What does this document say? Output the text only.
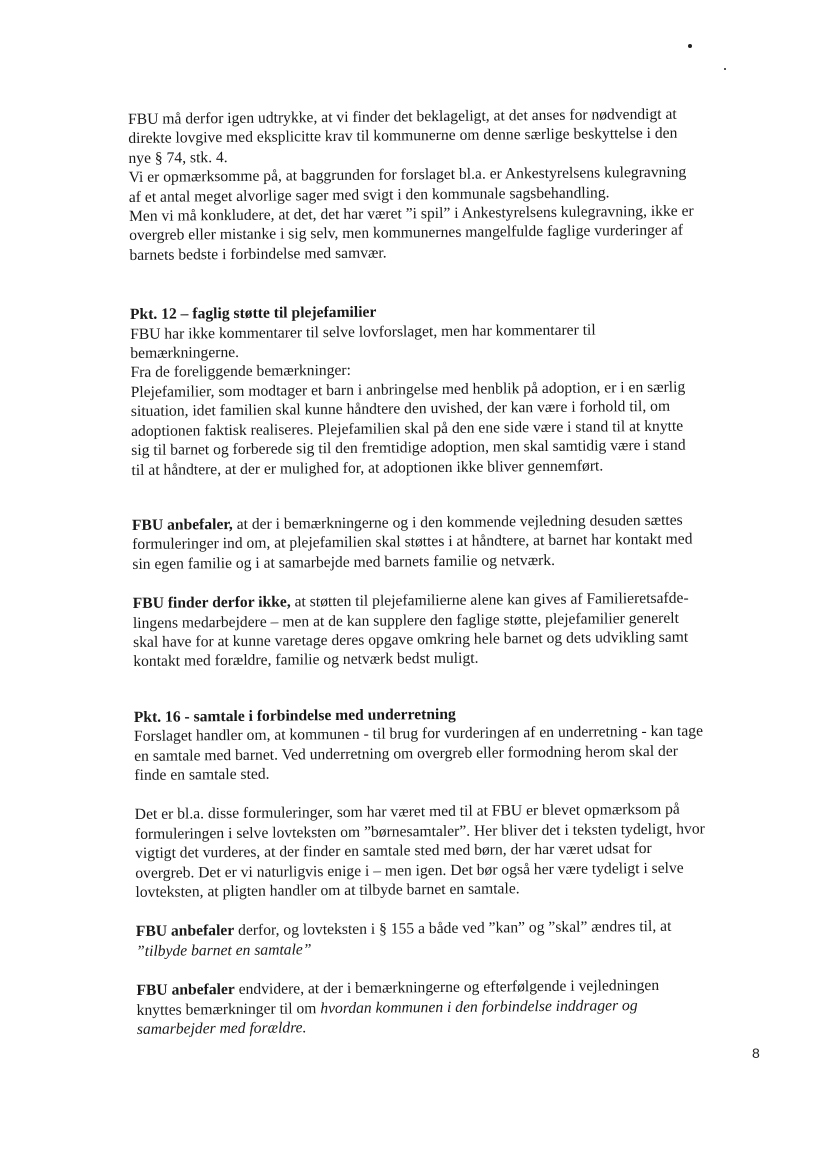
FBU må derfor igen udtrykke, at vi finder det beklageligt, at det anses for nødvendigt at
direkte lovgive med eksplicitte krav til kommunerne om denne særlige beskyttelse i den
nye § 74, stk. 4.
Vi er opmærksomme på, at baggrunden for forslaget bl.a. er Ankestyrelsens kulegravning
af et antal meget alvorlige sager med svigt i den kommunale sagsbehandling.
Men vi må konkludere, at det, det har været ”i spil” i Ankestyrelsens kulegravning, ikke er
overgreb eller mistanke i sig selv, men kommunernes mangelfulde faglige vurderinger af
barnets bedste i forbindelse med samvær.

Pkt. 12 – faglig støtte til plejefamilier
FBU har ikke kommentarer til selve lovforslaget, men har kommentarer til
bemærkningerne.
Fra de foreliggende bemærkninger:
Plejefamilier, som modtager et barn i anbringelse med henblik på adoption, er i en særlig
situation, idet familien skal kunne håndtere den uvished, der kan være i forhold til, om
adoptionen faktisk realiseres. Plejefamilien skal på den ene side være i stand til at knytte
sig til barnet og forberede sig til den fremtidige adoption, men skal samtidig være i stand
til at håndtere, at der er mulighed for, at adoptionen ikke bliver gennemført.

FBU anbefaler, at der i bemærkningerne og i den kommende vejledning desuden sættes
formuleringer ind om, at plejefamilien skal støttes i at håndtere, at barnet har kontakt med
sin egen familie og i at samarbejde med barnets familie og netværk.

FBU finder derfor ikke, at støtten til plejefamilierne alene kan gives af Familieretsafde-
lingens medarbejdere – men at de kan supplere den faglige støtte, plejefamilier generelt
skal have for at kunne varetage deres opgave omkring hele barnet og dets udvikling samt
kontakt med forældre, familie og netværk bedst muligt.

Pkt. 16 - samtale i forbindelse med underretning
Forslaget handler om, at kommunen - til brug for vurderingen af en underretning - kan tage
en samtale med barnet. Ved underretning om overgreb eller formodning herom skal der
finde en samtale sted.

Det er bl.a. disse formuleringer, som har været med til at FBU er blevet opmærksom på
formuleringen i selve lovteksten om ”børnesamtaler”. Her bliver det i teksten tydeligt, hvor
vigtigt det vurderes, at der finder en samtale sted med børn, der har været udsat for
overgreb. Det er vi naturligvis enige i – men igen. Det bør også her være tydeligt i selve
lovteksten, at pligten handler om at tilbyde barnet en samtale.

FBU anbefaler derfor, og lovteksten i § 155 a både ved ”kan” og ”skal” ændres til, at
”tilbyde barnet en samtale”

FBU anbefaler endvidere, at der i bemærkningerne og efterfølgende i vejledningen
knyttes bemærkninger til om hvordan kommunen i den forbindelse inddrager og
samarbejder med forældre.

8
